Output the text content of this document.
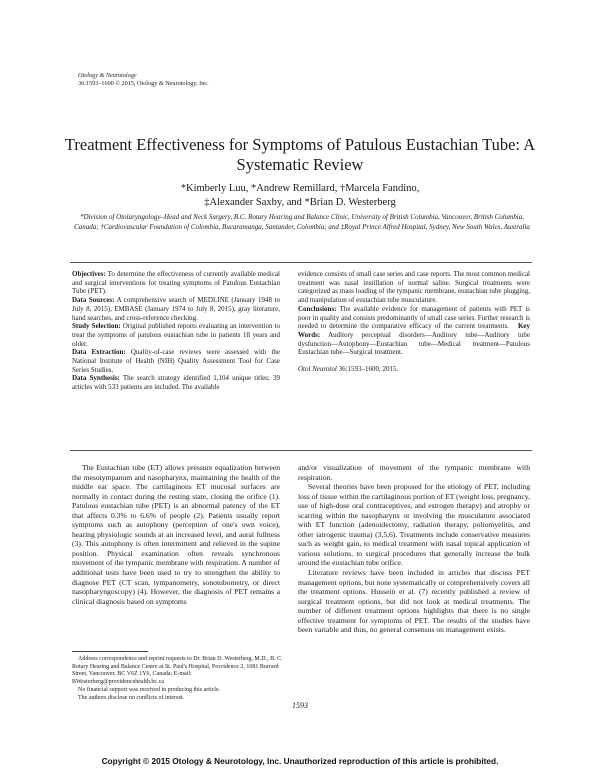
Otology & Neurotology
36:1593–1600 © 2015, Otology & Neurotology, Inc.
Treatment Effectiveness for Symptoms of Patulous Eustachian Tube: A Systematic Review
*Kimberly Luu, *Andrew Remillard, †Marcela Fandino,
‡Alexander Saxby, and *Brian D. Westerberg
*Division of Otolaryngology–Head and Neck Surgery, B.C. Rotary Hearing and Balance Clinic, University of British Columbia, Vancouver, British Columbia, Canada; †Cardiovascular Foundation of Colombia, Bucaramanga, Santander, Colombia; and ‡Royal Prince Alfred Hospital, Sydney, New South Wales, Australia

Objectives: To determine the effectiveness of currently available medical and surgical interventions for treating symptoms of Patulous Eustachian Tube (PET).

Data Sources: A comprehensive search of MEDLINE (January 1948 to July 8, 2015), EMBASE (January 1974 to July 8, 2015), gray literature, hand searches, and cross-reference checking.

Study Selection: Original published reports evaluating an intervention to treat the symptoms of patulous eustachian tube in patients 18 years and older.

Data Extraction: Quality-of-case reviews were assessed with the National Institute of Health (NIH) Quality Assessment Tool for Case Series Studies.

Data Synthesis: The search strategy identified 1,104 unique titles; 39 articles with 533 patients are included. The available

evidence consists of small case series and case reports. The most common medical treatment was nasal instillation of normal saline. Surgical treatments were categorized as mass loading of the tympanic membrane, eustachian tube plugging, and manipulation of eustachian tube musculature.

Conclusions: The available evidence for management of patients with PET is poor in quality and consists predominantly of small case series. Further research is needed to determine the comparative efficacy of the current treatments. Key Words: Auditory perceptual disorders—Auditory tube—Auditory tube dysfunction—Autophony—Eustachian tube—Medical treatment—Patulous Eustachian tube—Surgical treatment.

Otol Neurotol 36:1593–1600, 2015.

The Eustachian tube (ET) allows pressure equalization between the mesotympanum and nasopharynx, maintaining the health of the middle ear space. The cartilaginous ET mucosal surfaces are normally in contact during the resting state, closing the orifice (1). Patulous eustachian tube (PET) is an abnormal patency of the ET that affects 0.3% to 6.6% of people (2). Patients usually report symptoms such as autophony (perception of one's own voice), hearing physiologic sounds at an increased level, and aural fullness (3). This autophony is often intermittent and relieved in the supine position. Physical examination often reveals synchronous movement of the tympanic membrane with respiration. A number of additional tests have been used to try to strengthen the ability to diagnose PET (CT scan, tympanometry, sonotubometry, or direct nasopharyngoscopy) (4). However, the diagnosis of PET remains a clinical diagnosis based on symptoms

and/or visualization of movement of the tympanic membrane with respiration.

Several theories have been proposed for the etiology of PET, including loss of tissue within the cartilaginous portion of ET (weight loss, pregnancy, use of high-dose oral contraceptives, and estrogen therapy) and atrophy or scarring within the nasopharynx or involving the musculature associated with ET function (adenoidectomy, radiation therapy, poliomyelitis, and other iatrogenic trauma) (3,5,6). Treatments include conservative measures such as weight gain, to medical treatment with nasal topical application of various solutions, to surgical procedures that generally increase the bulk around the eustachian tube orifice.

Literature reviews have been included in articles that discuss PET management options, but none systematically or comprehensively covers all the treatment options. Hussein et al. (7) recently published a review of surgical treatment options, but did not look at medical treatments. The number of different treatment options highlights that there is no single effective treatment for symptoms of PET. The results of the studies have been variable and thus, no general consensus on management exists.

Address correspondence and reprint requests to Dr. Brian D. Westerberg, M.D., B. C. Rotary Hearing and Balance Centre at St. Paul's Hospital, Providence 2, 1081 Burrard Street, Vancouver, BC V6Z 1Y6, Canada; E-mail: BWesterberg@providencehealth.bc.ca

No financial support was received in producing this article.

The authors disclose no conflicts of interest.

1593
Copyright © 2015 Otology & Neurotology, Inc. Unauthorized reproduction of this article is prohibited.
